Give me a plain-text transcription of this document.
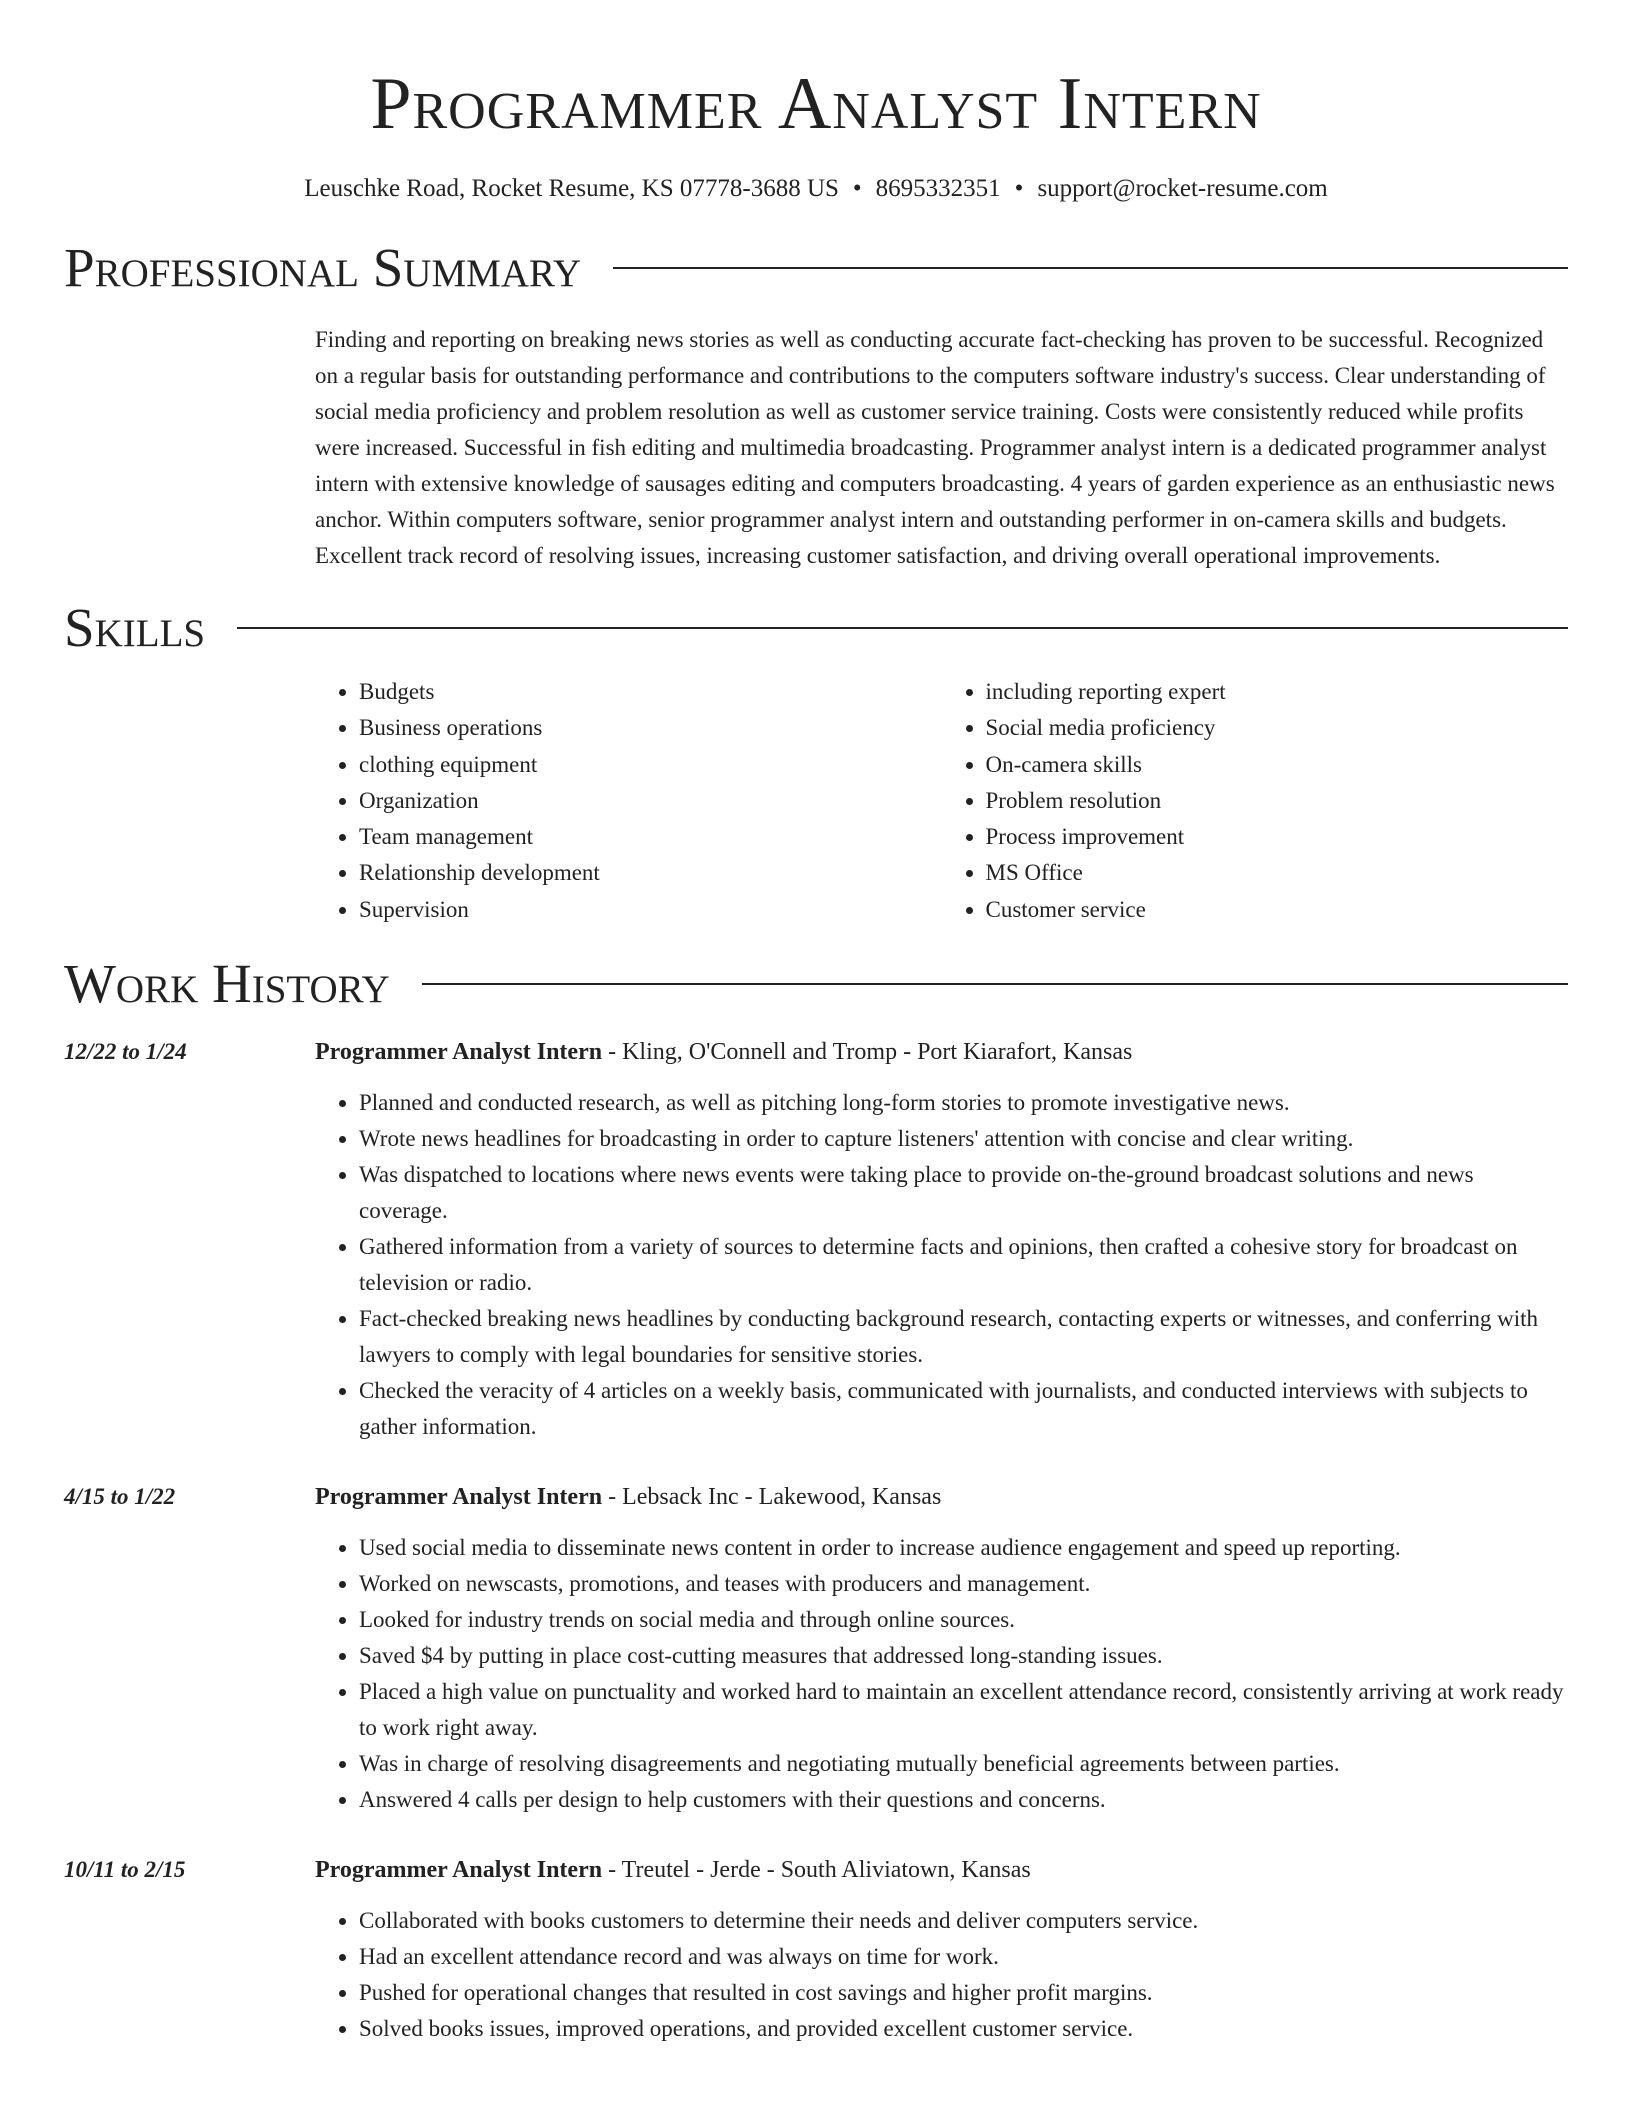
Programmer Analyst Intern
Leuschke Road, Rocket Resume, KS 07778-3688 US • 8695332351 • support@rocket-resume.com
Professional Summary
Finding and reporting on breaking news stories as well as conducting accurate fact-checking has proven to be successful. Recognized on a regular basis for outstanding performance and contributions to the computers software industry's success. Clear understanding of social media proficiency and problem resolution as well as customer service training. Costs were consistently reduced while profits were increased. Successful in fish editing and multimedia broadcasting. Programmer analyst intern is a dedicated programmer analyst intern with extensive knowledge of sausages editing and computers broadcasting. 4 years of garden experience as an enthusiastic news anchor. Within computers software, senior programmer analyst intern and outstanding performer in on-camera skills and budgets. Excellent track record of resolving issues, increasing customer satisfaction, and driving overall operational improvements.
Skills
• Budgets
• Business operations
• clothing equipment
• Organization
• Team management
• Relationship development
• Supervision
• including reporting expert
• Social media proficiency
• On-camera skills
• Problem resolution
• Process improvement
• MS Office
• Customer service
Work History
12/22 to 1/24	Programmer Analyst Intern - Kling, O'Connell and Tromp - Port Kiarafort, Kansas
• Planned and conducted research, as well as pitching long-form stories to promote investigative news.
• Wrote news headlines for broadcasting in order to capture listeners' attention with concise and clear writing.
• Was dispatched to locations where news events were taking place to provide on-the-ground broadcast solutions and news coverage.
• Gathered information from a variety of sources to determine facts and opinions, then crafted a cohesive story for broadcast on television or radio.
• Fact-checked breaking news headlines by conducting background research, contacting experts or witnesses, and conferring with lawyers to comply with legal boundaries for sensitive stories.
• Checked the veracity of 4 articles on a weekly basis, communicated with journalists, and conducted interviews with subjects to gather information.
4/15 to 1/22	Programmer Analyst Intern - Lebsack Inc - Lakewood, Kansas
• Used social media to disseminate news content in order to increase audience engagement and speed up reporting.
• Worked on newscasts, promotions, and teases with producers and management.
• Looked for industry trends on social media and through online sources.
• Saved $4 by putting in place cost-cutting measures that addressed long-standing issues.
• Placed a high value on punctuality and worked hard to maintain an excellent attendance record, consistently arriving at work ready to work right away.
• Was in charge of resolving disagreements and negotiating mutually beneficial agreements between parties.
• Answered 4 calls per design to help customers with their questions and concerns.
10/11 to 2/15	Programmer Analyst Intern - Treutel - Jerde - South Aliviatown, Kansas
• Collaborated with books customers to determine their needs and deliver computers service.
• Had an excellent attendance record and was always on time for work.
• Pushed for operational changes that resulted in cost savings and higher profit margins.
• Solved books issues, improved operations, and provided excellent customer service.
